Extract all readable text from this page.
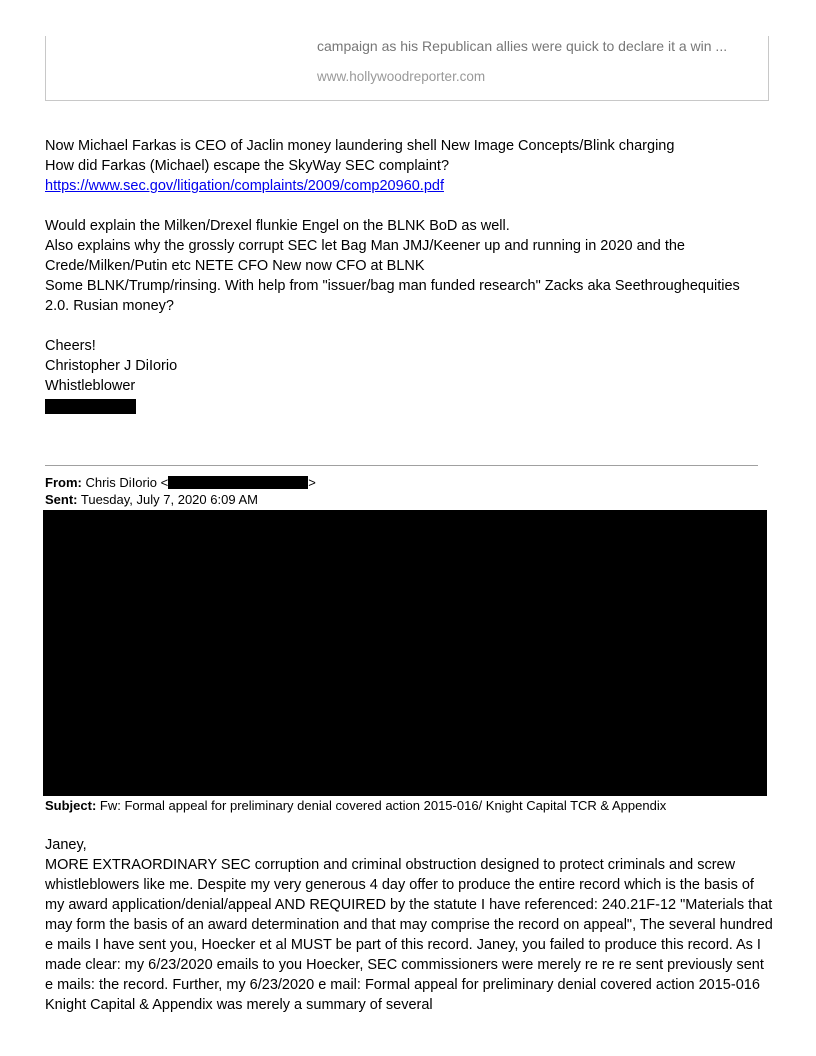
campaign as his Republican allies were quick to declare it a win ...
www.hollywoodreporter.com
Now Michael Farkas is CEO of Jaclin money laundering shell New Image Concepts/Blink charging
How did Farkas (Michael) escape the SkyWay SEC complaint?
https://www.sec.gov/litigation/complaints/2009/comp20960.pdf
Would explain the Milken/Drexel flunkie Engel on the BLNK BoD as well.
Also explains why the grossly corrupt SEC let Bag Man JMJ/Keener up and running in 2020 and the
Crede/Milken/Putin etc NETE CFO New now CFO at BLNK
Some BLNK/Trump/rinsing. With help from "issuer/bag man funded research" Zacks aka Seethroughequities
2.0. Rusian money?
Cheers!
Christopher J DiIorio
Whistleblower
From: Chris DiIorio <	>
Sent: Tuesday, July 7, 2020 6:09 AM
Subject: Fw: Formal appeal for preliminary denial covered action 2015-016/ Knight Capital TCR & Appendix

Janey,

MORE EXTRAORDINARY SEC corruption and criminal obstruction designed to protect criminals and screw whistleblowers like me. Despite my very generous 4 day offer to produce the entire record which is the basis of my award application/denial/appeal AND REQUIRED by the statute I have referenced: 240.21F-12 "Materials that may form the basis of an award determination and that may comprise the record on appeal", The several hundred e mails I have sent you, Hoecker et al MUST be part of this record. Janey, you failed to produce this record. As I made clear: my 6/23/2020 emails to you Hoecker, SEC commissioners were merely re re re sent previously sent e mails: the record. Further, my 6/23/2020 e mail: Formal appeal for preliminary denial covered action 2015-016 Knight Capital & Appendix was merely a summary of several
